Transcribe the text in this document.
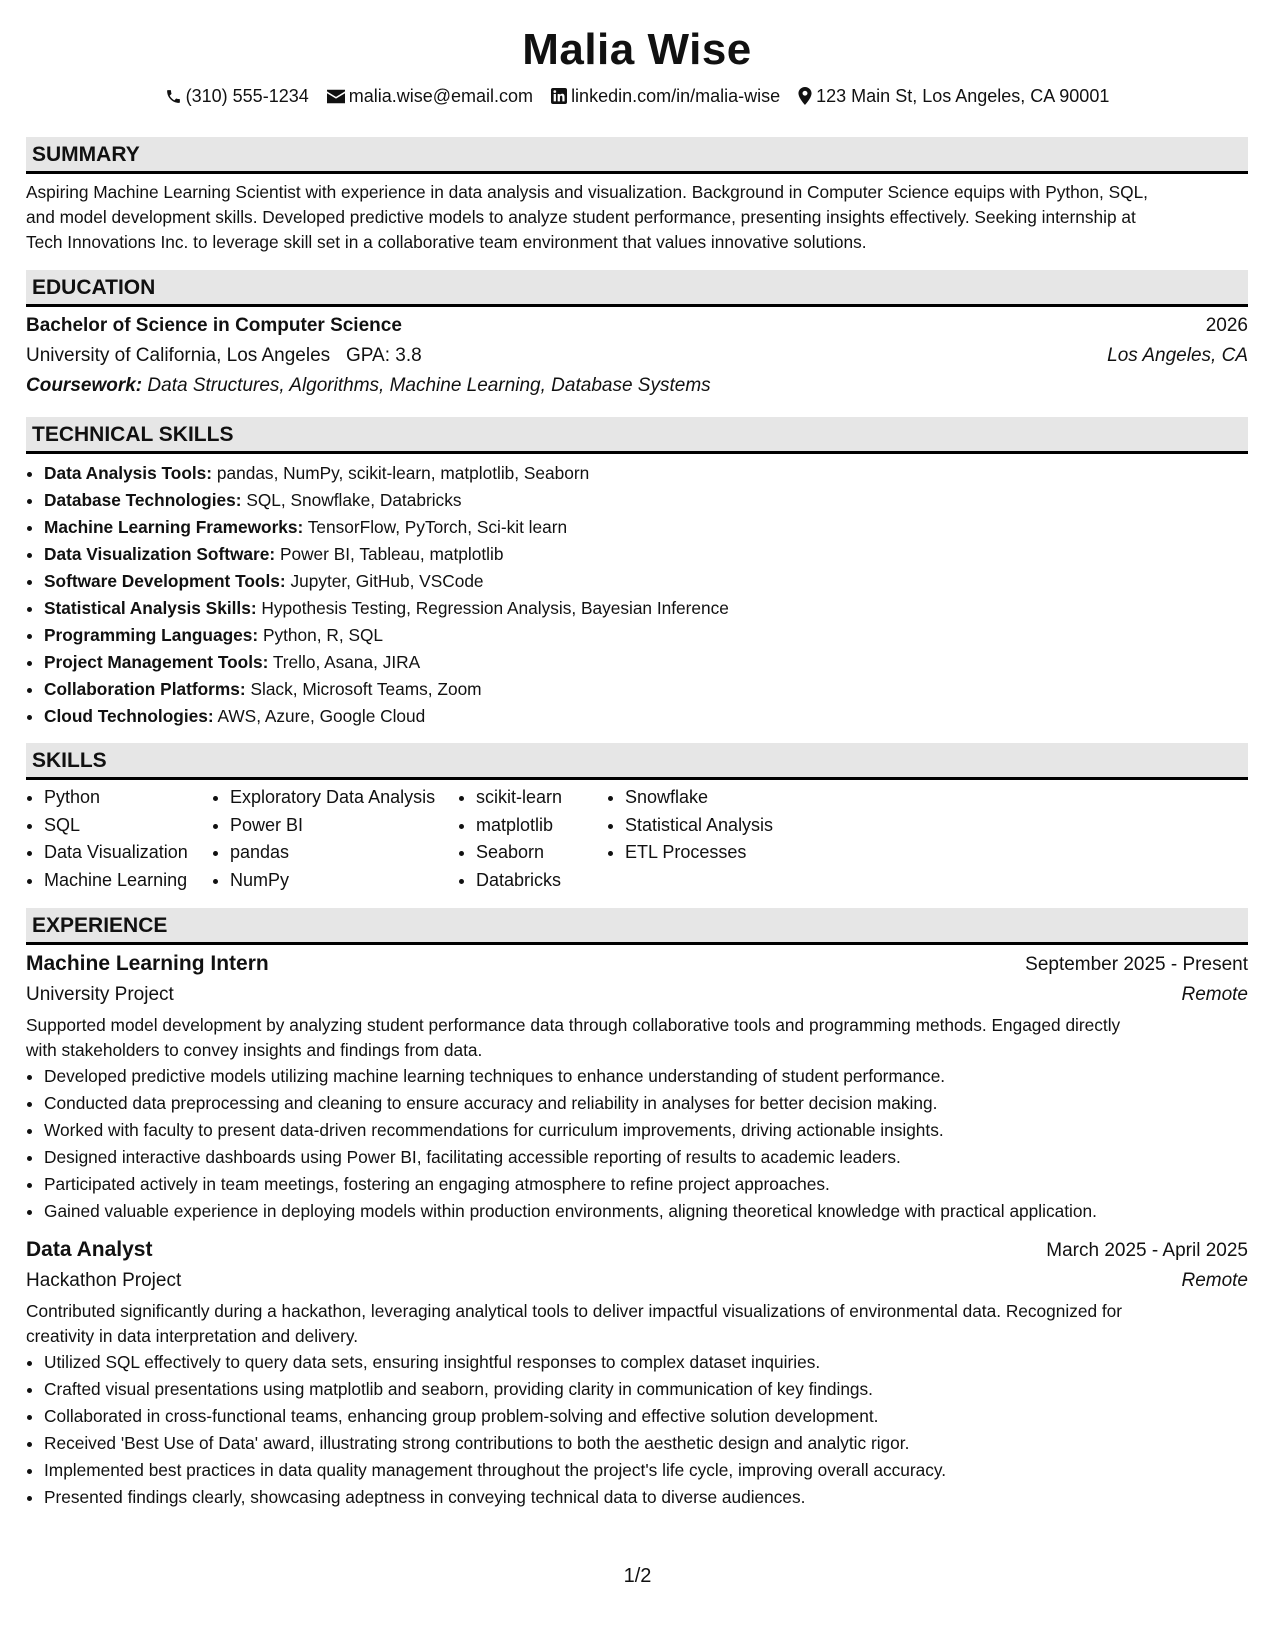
Malia Wise
(310) 555-1234 malia.wise@email.com linkedin.com/in/malia-wise 123 Main St, Los Angeles, CA 90001
SUMMARY
Aspiring Machine Learning Scientist with experience in data analysis and visualization. Background in Computer Science equips with Python, SQL,
and model development skills. Developed predictive models to analyze student performance, presenting insights effectively. Seeking internship at
Tech Innovations Inc. to leverage skill set in a collaborative team environment that values innovative solutions.
EDUCATION
Bachelor of Science in Computer Science	2026
University of California, Los Angeles GPA: 3.8	Los Angeles, CA
Coursework: Data Structures, Algorithms, Machine Learning, Database Systems
TECHNICAL SKILLS
• Data Analysis Tools: pandas, NumPy, scikit-learn, matplotlib, Seaborn
• Database Technologies: SQL, Snowflake, Databricks
• Machine Learning Frameworks: TensorFlow, PyTorch, Sci-kit learn
• Data Visualization Software: Power BI, Tableau, matplotlib
• Software Development Tools: Jupyter, GitHub, VSCode
• Statistical Analysis Skills: Hypothesis Testing, Regression Analysis, Bayesian Inference
• Programming Languages: Python, R, SQL
• Project Management Tools: Trello, Asana, JIRA
• Collaboration Platforms: Slack, Microsoft Teams, Zoom
• Cloud Technologies: AWS, Azure, Google Cloud
SKILLS
• Python
• SQL
• Data Visualization
• Machine Learning
• Exploratory Data Analysis
• Power BI
• pandas
• NumPy
• scikit-learn
• matplotlib
• Seaborn
• Databricks
• Snowflake
• Statistical Analysis
• ETL Processes
EXPERIENCE
Machine Learning Intern	September 2025 - Present
University Project	Remote
Supported model development by analyzing student performance data through collaborative tools and programming methods. Engaged directly
with stakeholders to convey insights and findings from data.
• Developed predictive models utilizing machine learning techniques to enhance understanding of student performance.
• Conducted data preprocessing and cleaning to ensure accuracy and reliability in analyses for better decision making.
• Worked with faculty to present data-driven recommendations for curriculum improvements, driving actionable insights.
• Designed interactive dashboards using Power BI, facilitating accessible reporting of results to academic leaders.
• Participated actively in team meetings, fostering an engaging atmosphere to refine project approaches.
• Gained valuable experience in deploying models within production environments, aligning theoretical knowledge with practical application.
Data Analyst	March 2025 - April 2025
Hackathon Project	Remote
Contributed significantly during a hackathon, leveraging analytical tools to deliver impactful visualizations of environmental data. Recognized for
creativity in data interpretation and delivery.
• Utilized SQL effectively to query data sets, ensuring insightful responses to complex dataset inquiries.
• Crafted visual presentations using matplotlib and seaborn, providing clarity in communication of key findings.
• Collaborated in cross-functional teams, enhancing group problem-solving and effective solution development.
• Received 'Best Use of Data' award, illustrating strong contributions to both the aesthetic design and analytic rigor.
• Implemented best practices in data quality management throughout the project's life cycle, improving overall accuracy.
• Presented findings clearly, showcasing adeptness in conveying technical data to diverse audiences.
1/2
